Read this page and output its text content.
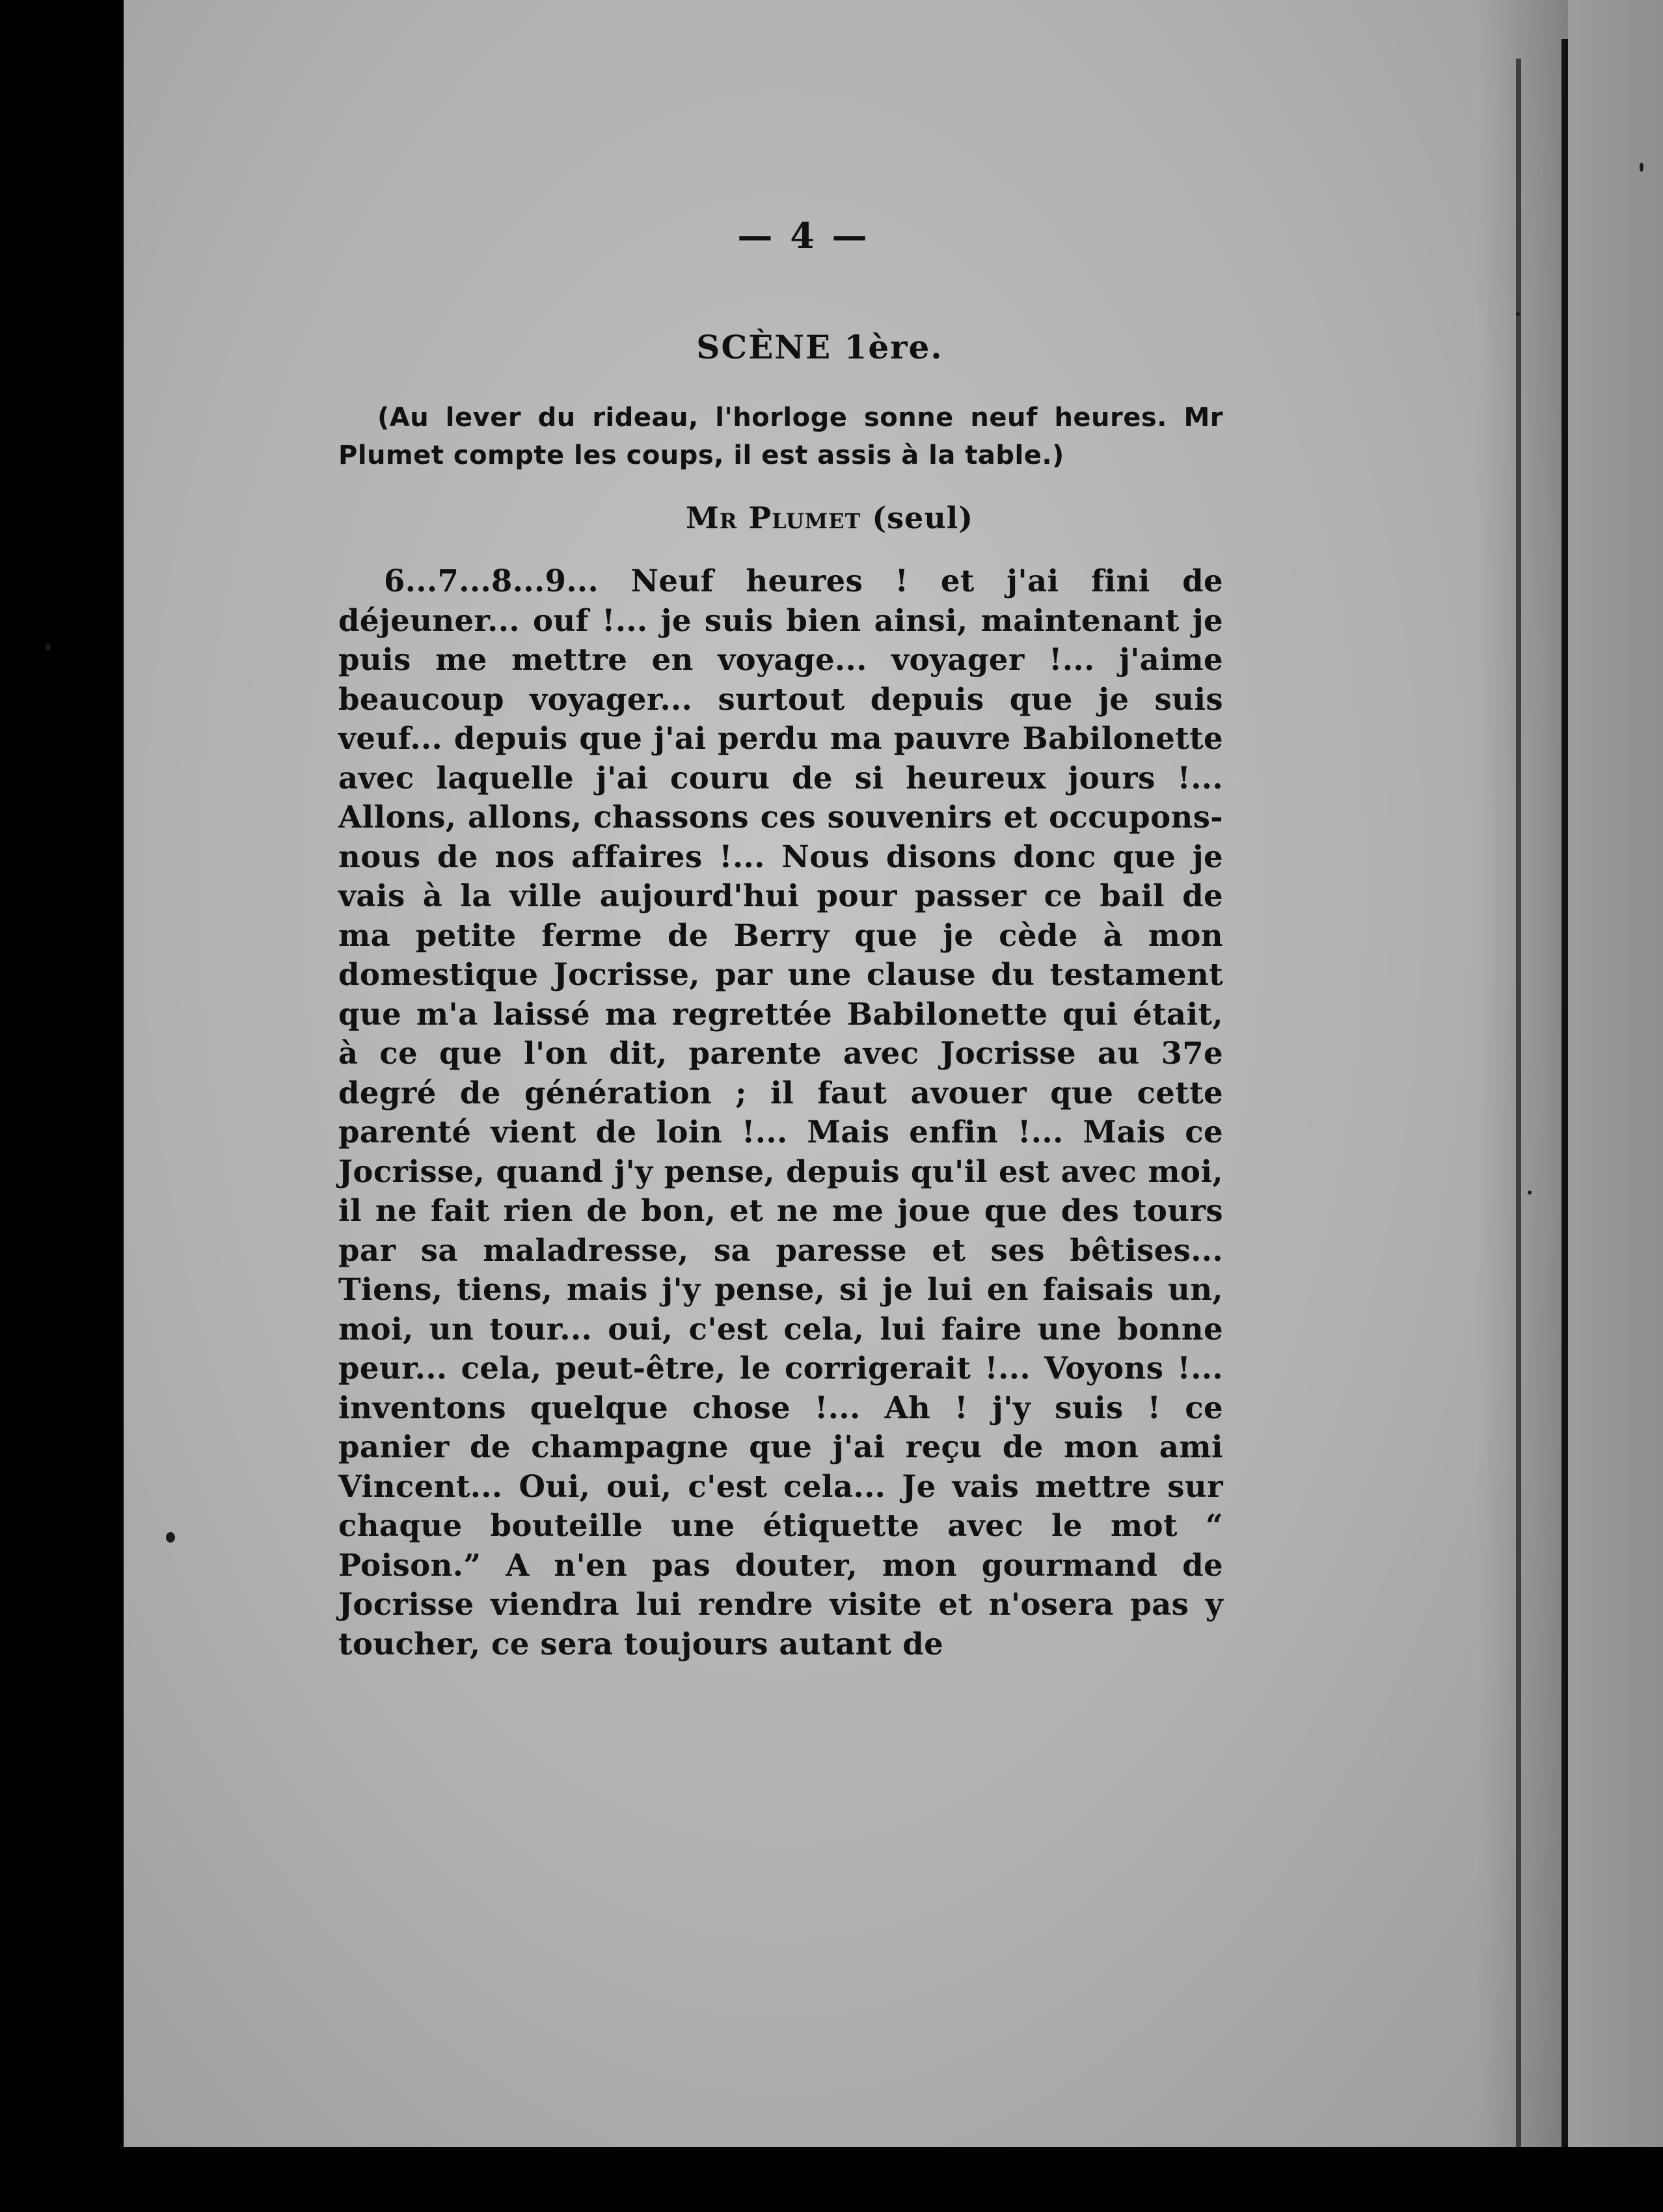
— 4 —
SCÈNE 1ère.
(Au lever du rideau, l'horloge sonne neuf heures. Mr Plumet compte les coups, il est assis à la table.)
Mr Plumet (seul)
6...7...8...9... Neuf heures ! et j'ai fini de déjeuner... ouf !... je suis bien ainsi, maintenant je puis me mettre en voyage... voyager !... j'aime beaucoup voyager... surtout depuis que je suis veuf... depuis que j'ai perdu ma pauvre Babilonette avec laquelle j'ai couru de si heureux jours !... Allons, allons, chassons ces souvenirs et occupons-nous de nos affaires !... Nous disons donc que je vais à la ville aujourd'hui pour passer ce bail de ma petite ferme de Berry que je cède à mon domestique Jocrisse, par une clause du testament que m'a laissé ma regrettée Babilonette qui était, à ce que l'on dit, parente avec Jocrisse au 37e degré de génération ; il faut avouer que cette parenté vient de loin !... Mais enfin !... Mais ce Jocrisse, quand j'y pense, depuis qu'il est avec moi, il ne fait rien de bon, et ne me joue que des tours par sa maladresse, sa paresse et ses bêtises... Tiens, tiens, mais j'y pense, si je lui en faisais un, moi, un tour... oui, c'est cela, lui faire une bonne peur... cela, peut-être, le corrigerait !... Voyons !... inventons quelque chose !... Ah ! j'y suis ! ce panier de champagne que j'ai reçu de mon ami Vincent... Oui, oui, c'est cela... Je vais mettre sur chaque bouteille une étiquette avec le mot “ Poison.” A n'en pas douter, mon gourmand de Jocrisse viendra lui rendre visite et n'osera pas y toucher, ce sera toujours autant de
